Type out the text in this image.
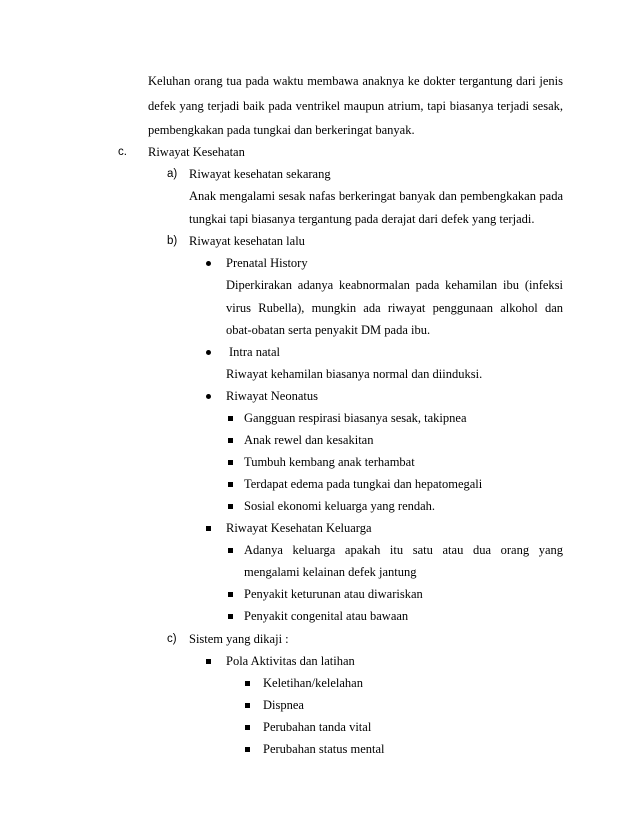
Keluhan orang tua pada waktu membawa anaknya ke dokter tergantung dari jenis
defek yang terjadi baik pada ventrikel maupun atrium, tapi biasanya terjadi sesak,
pembengkakan pada tungkai dan berkeringat banyak.
c. Riwayat Kesehatan
a) Riwayat kesehatan sekarang
Anak mengalami sesak nafas berkeringat banyak dan pembengkakan pada
tungkai tapi biasanya tergantung pada derajat dari defek yang terjadi.
b) Riwayat kesehatan lalu
Prenatal History
Diperkirakan adanya keabnormalan pada kehamilan ibu (infeksi
virus Rubella), mungkin ada riwayat penggunaan alkohol dan
obat-obatan serta penyakit DM pada ibu.
Intra natal
Riwayat kehamilan biasanya normal dan diinduksi.
Riwayat Neonatus
Gangguan respirasi biasanya sesak, takipnea
Anak rewel dan kesakitan
Tumbuh kembang anak terhambat
Terdapat edema pada tungkai dan hepatomegali
Sosial ekonomi keluarga yang rendah.
Riwayat Kesehatan Keluarga
Adanya keluarga apakah itu satu atau dua orang yang
mengalami kelainan defek jantung
Penyakit keturunan atau diwariskan
Penyakit congenital atau bawaan
c) Sistem yang dikaji :
Pola Aktivitas dan latihan
Keletihan/kelelahan
Dispnea
Perubahan tanda vital
Perubahan status mental
